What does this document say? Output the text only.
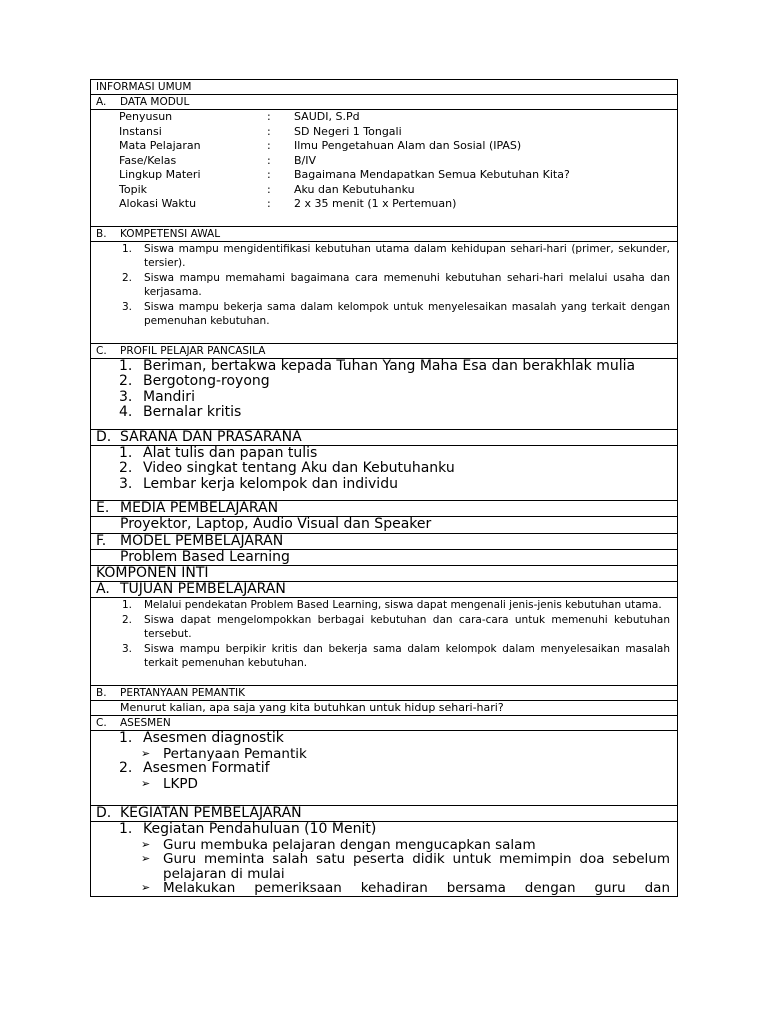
INFORMASI UMUM
A. DATA MODUL
Penyusun	:	SAUDI, S.Pd
Instansi	:	SD Negeri 1 Tongali
Mata Pelajaran	:	Ilmu Pengetahuan Alam dan Sosial (IPAS)
Fase/Kelas	:	B/IV
Lingkup Materi	:	Bagaimana Mendapatkan Semua Kebutuhan Kita?
Topik	:	Aku dan Kebutuhanku
Alokasi Waktu	:	2 x 35 menit (1 x Pertemuan)
B. KOMPETENSI AWAL
1.	Siswa mampu mengidentifikasi kebutuhan utama dalam kehidupan sehari-hari (primer, sekunder, tersier).
2.	Siswa mampu memahami bagaimana cara memenuhi kebutuhan sehari-hari melalui usaha dan kerjasama.
3.	Siswa mampu bekerja sama dalam kelompok untuk menyelesaikan masalah yang terkait dengan pemenuhan kebutuhan.
C. PROFIL PELAJAR PANCASILA
1. Beriman, bertakwa kepada Tuhan Yang Maha Esa dan berakhlak mulia
2. Bergotong-royong
3. Mandiri
4. Bernalar kritis
D. SARANA DAN PRASARANA
1. Alat tulis dan papan tulis
2. Video singkat tentang Aku dan Kebutuhanku
3. Lembar kerja kelompok dan individu
E. MEDIA PEMBELAJARAN
Proyektor, Laptop, Audio Visual dan Speaker
F. MODEL PEMBELAJARAN
Problem Based Learning
KOMPONEN INTI
A. TUJUAN PEMBELAJARAN
1.	Melalui pendekatan Problem Based Learning, siswa dapat mengenali jenis-jenis kebutuhan utama.
2.	Siswa dapat mengelompokkan berbagai kebutuhan dan cara-cara untuk memenuhi kebutuhan tersebut.
3.	Siswa mampu berpikir kritis dan bekerja sama dalam kelompok dalam menyelesaikan masalah terkait pemenuhan kebutuhan.
B. PERTANYAAN PEMANTIK
Menurut kalian, apa saja yang kita butuhkan untuk hidup sehari-hari?
C. ASESMEN
1. Asesmen diagnostik
➢ Pertanyaan Pemantik
2. Asesmen Formatif
➢ LKPD
D. KEGIATAN PEMBELAJARAN
1. Kegiatan Pendahuluan (10 Menit)
➢ Guru membuka pelajaran dengan mengucapkan salam
➢ Guru meminta salah satu peserta didik untuk memimpin doa sebelum pelajaran di mulai
➢ Melakukan pemeriksaan kehadiran bersama dengan guru dan
